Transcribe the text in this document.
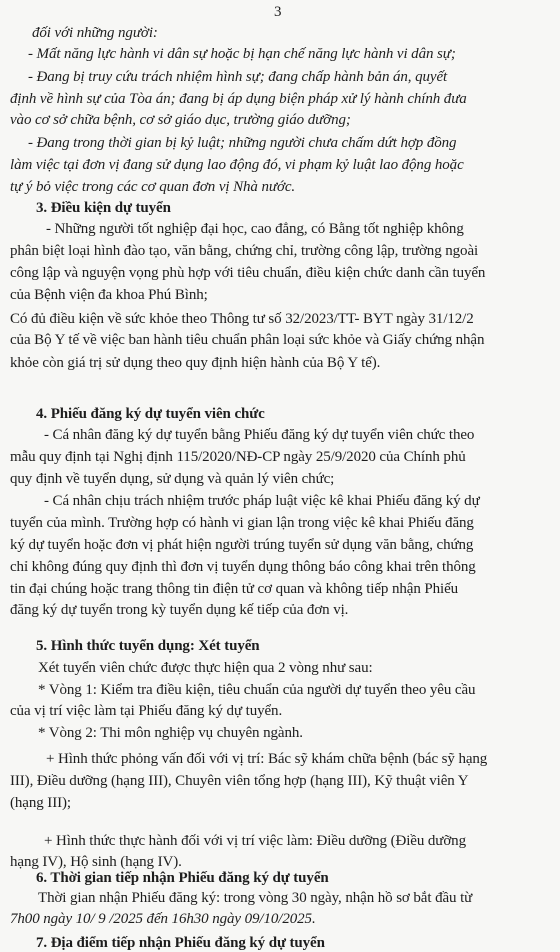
3
đối với những người:
- Mất năng lực hành vi dân sự hoặc bị hạn chế năng lực hành vi dân sự;
- Đang bị truy cứu trách nhiệm hình sự; đang chấp hành bản án, quyết
định về hình sự của Tòa án; đang bị áp dụng biện pháp xử lý hành chính đưa
vào cơ sở chữa bệnh, cơ sở giáo dục, trường giáo dưỡng;
- Đang trong thời gian bị kỷ luật; những người chưa chấm dứt hợp đồng
làm việc tại đơn vị đang sử dụng lao động đó, vi phạm kỷ luật lao động hoặc
tự ý bỏ việc trong các cơ quan đơn vị Nhà nước.
3. Điều kiện dự tuyển
- Những người tốt nghiệp đại học, cao đẳng, có Bằng tốt nghiệp không
phân biệt loại hình đào tạo, văn bằng, chứng chỉ, trường công lập, trường ngoài
công lập và nguyện vọng phù hợp với tiêu chuẩn, điều kiện chức danh cần tuyển
của Bệnh viện đa khoa Phú Bình;
Có đủ điều kiện về sức khỏe theo Thông tư số 32/2023/TT- BYT ngày 31/12/2
của Bộ Y tế về việc ban hành tiêu chuẩn phân loại sức khỏe và Giấy chứng nhận
khỏe còn giá trị sử dụng theo quy định hiện hành của Bộ Y tế).
4. Phiếu đăng ký dự tuyển viên chức
- Cá nhân đăng ký dự tuyển bằng Phiếu đăng ký dự tuyển viên chức theo
mẫu quy định tại Nghị định 115/2020/NĐ-CP ngày 25/9/2020 của Chính phủ
quy định về tuyển dụng, sử dụng và quản lý viên chức;
- Cá nhân chịu trách nhiệm trước pháp luật việc kê khai Phiếu đăng ký dự
tuyển của mình. Trường hợp có hành vi gian lận trong việc kê khai Phiếu đăng
ký dự tuyển hoặc đơn vị phát hiện người trúng tuyển sử dụng văn bằng, chứng
chỉ không đúng quy định thì đơn vị tuyển dụng thông báo công khai trên thông
tin đại chúng hoặc trang thông tin điện tử cơ quan và không tiếp nhận Phiếu
đăng ký dự tuyển trong kỳ tuyển dụng kế tiếp của đơn vị.
5. Hình thức tuyển dụng: Xét tuyển
Xét tuyển viên chức được thực hiện qua 2 vòng như sau:
* Vòng 1: Kiểm tra điều kiện, tiêu chuẩn của người dự tuyển theo yêu cầu
của vị trí việc làm tại Phiếu đăng ký dự tuyển.
* Vòng 2: Thi môn nghiệp vụ chuyên ngành.
+ Hình thức phỏng vấn đối với vị trí: Bác sỹ khám chữa bệnh (bác sỹ hạng
III), Điều dưỡng (hạng III), Chuyên viên tổng hợp (hạng III), Kỹ thuật viên Y
(hạng III);
+ Hình thức thực hành đối với vị trí việc làm: Điều dưỡng (Điều dưỡng
hạng IV), Hộ sinh (hạng IV).
6. Thời gian tiếp nhận Phiếu đăng ký dự tuyển
Thời gian nhận Phiếu đăng ký: trong vòng 30 ngày, nhận hồ sơ bắt đầu từ
7h00 ngày 10/ 9 /2025 đến 16h30 ngày 09/10/2025.
7. Địa điểm tiếp nhận Phiếu đăng ký dự tuyển
